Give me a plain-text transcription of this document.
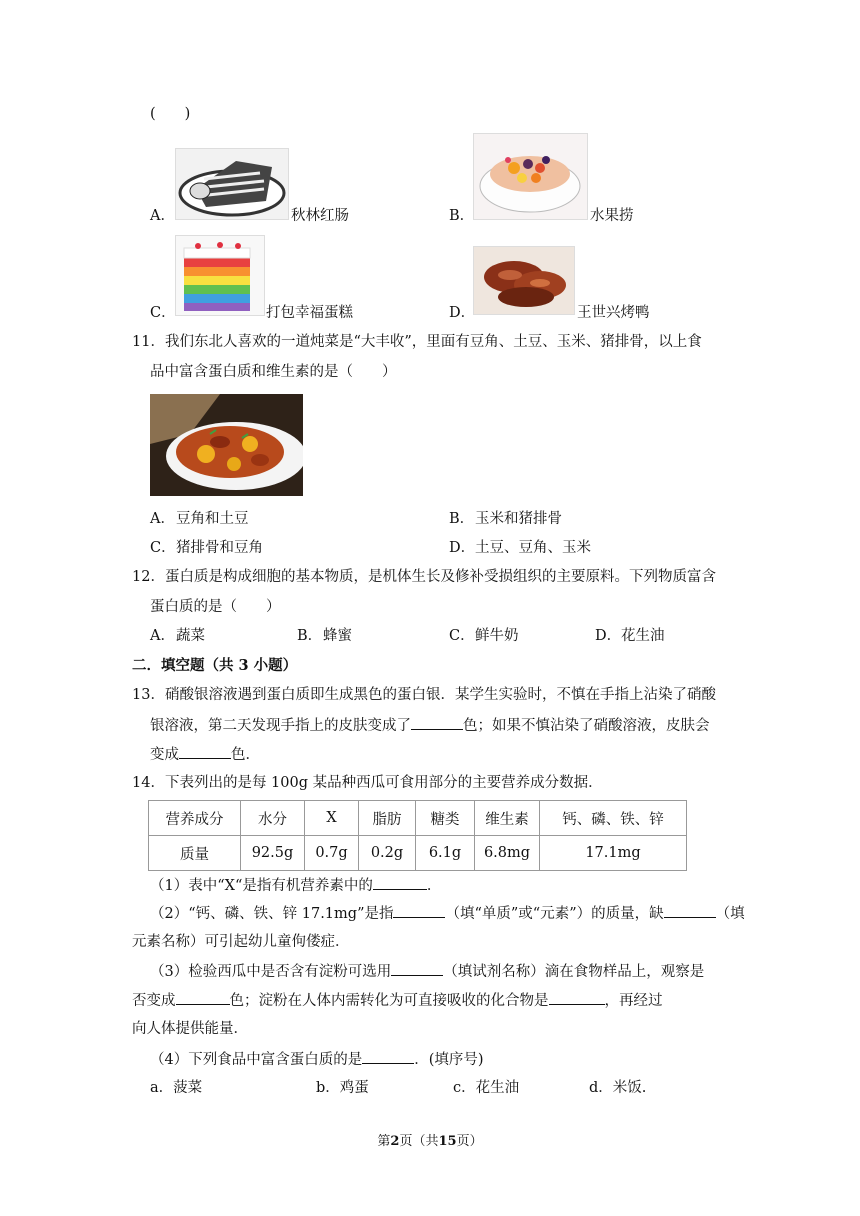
(　　)
A．	秋林红肠	B．	水果捞
C．	打包幸福蛋糕	D．	王世兴烤鸭
11．我们东北人喜欢的一道炖菜是“大丰收”，里面有豆角、土豆、玉米、猪排骨，以上食
品中富含蛋白质和维生素的是（　　）
A． 豆角和土豆	B． 玉米和猪排骨
C． 猪排骨和豆角	D． 土豆、豆角、玉米
12．蛋白质是构成细胞的基本物质，是机体生长及修补受损组织的主要原料。下列物质富含
蛋白质的是（　　）
A． 蔬菜	B． 蜂蜜	C． 鲜牛奶	D． 花生油
二．填空题（共 3 小题）
13．硝酸银溶液遇到蛋白质即生成黑色的蛋白银．某学生实验时，不慎在手指上沾染了硝酸
银溶液，第二天发现手指上的皮肤变成了	色；如果不慎沾染了硝酸溶液，皮肤会
变成	色．
14．下表列出的是每 100g 某品种西瓜可食用部分的主要营养成分数据．
营养成分	水分	X	脂肪	糖类	维生素	钙、磷、铁、锌
质量	92.5g	0.7g	0.2g	6.1g	6.8mg	17.1mg
（1）表中“X“是指有机营养素中的	．
（2）“钙、磷、铁、锌 17.1mg”是指	（填“单质”或“元素”）的质量，缺	（填
元素名称）可引起幼儿童佝偻症．
（3）检验西瓜中是否含有淀粉可选用	（填试剂名称）滴在食物样品上，观察是
否变成	色；淀粉在人体内需转化为可直接吸收的化合物是	，再经过
向人体提供能量．
（4）下列食品中富含蛋白质的是	．(填序号)
a．菠菜	b．鸡蛋	c．花生油	d．米饭.
第2页（共15页）
